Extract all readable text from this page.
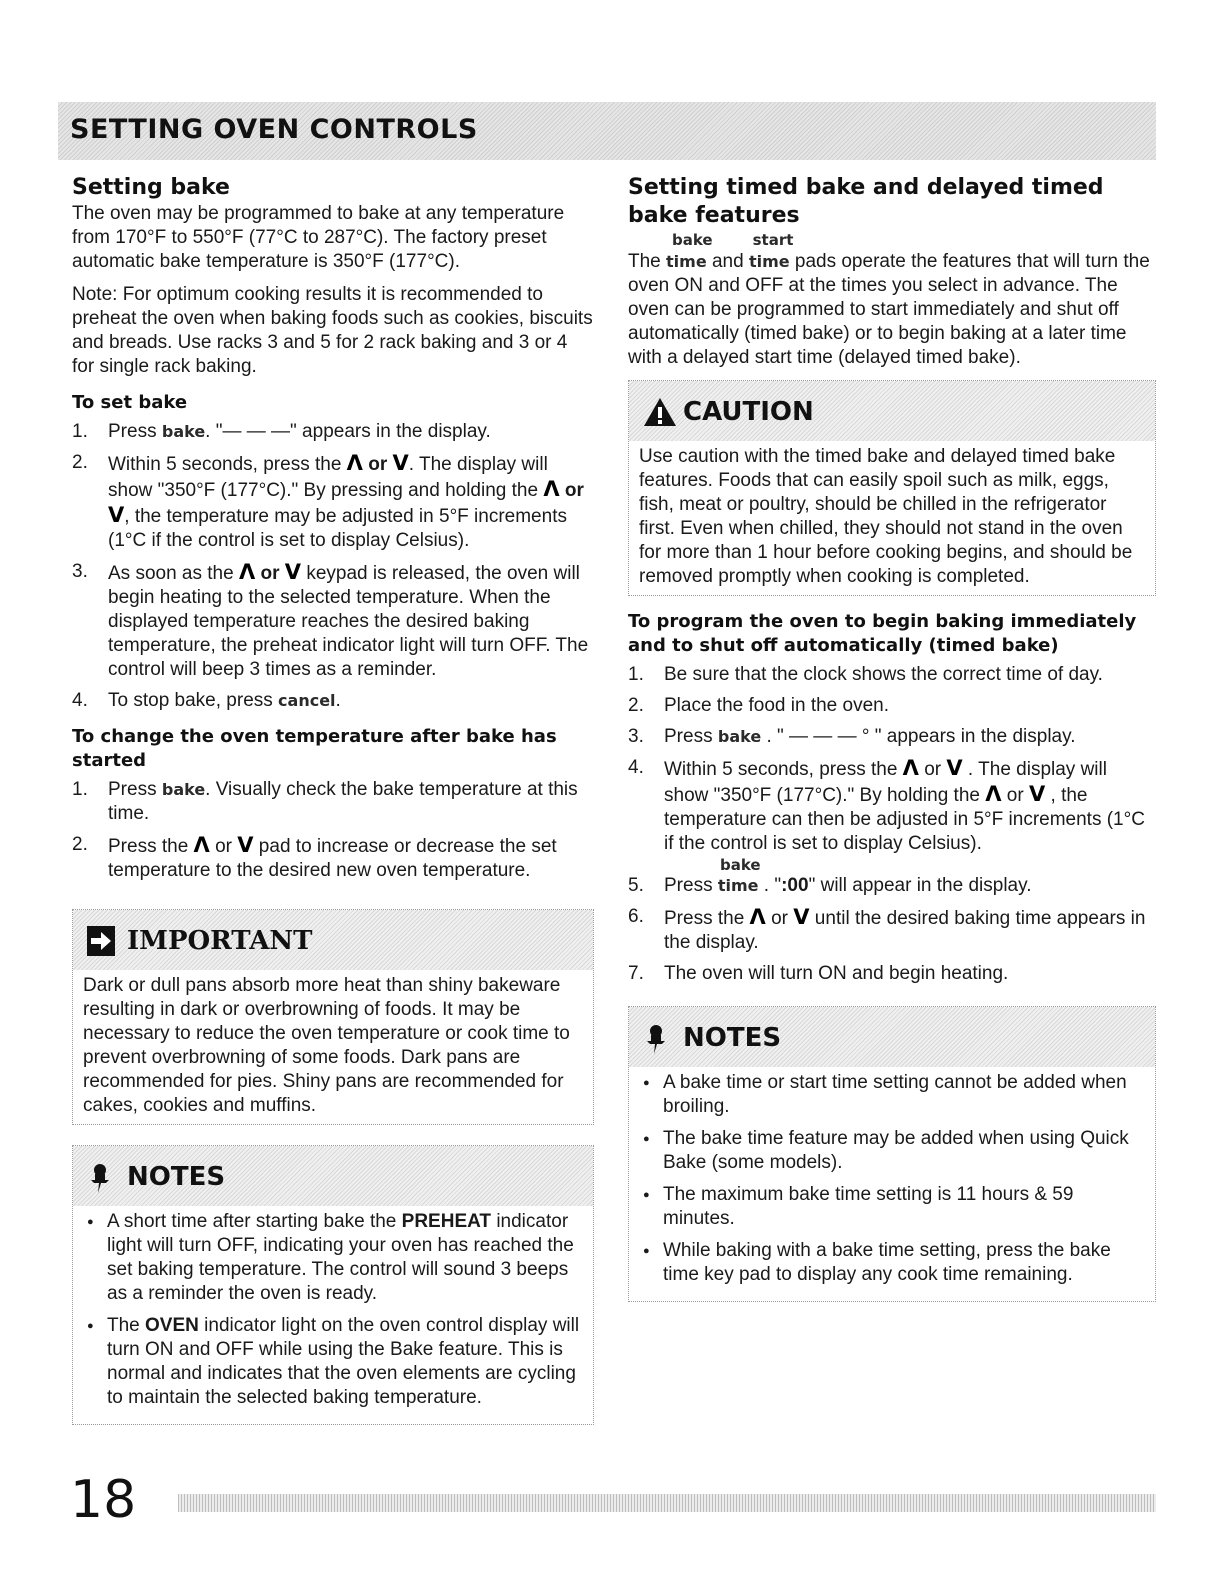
SETTING OVEN CONTROLS
Setting bake

The oven may be programmed to bake at any temperature from 170°F to 550°F (77°C to 287°C). The factory preset automatic bake temperature is 350°F (177°C).

Note: For optimum cooking results it is recommended to preheat the oven when baking foods such as cookies, biscuits and breads. Use racks 3 and 5 for 2 rack baking and 3 or 4 for single rack baking.

To set bake
1.	Press bake. "— — —" appears in the display.
2.	Within 5 seconds, press the Λ or V. The display will show "350°F (177°C)." By pressing and holding the Λ or V, the temperature may be adjusted in 5°F increments (1°C if the control is set to display Celsius).
3.	As soon as the Λ or V keypad is released, the oven will begin heating to the selected temperature. When the displayed temperature reaches the desired baking temperature, the preheat indicator light will turn OFF. The control will beep 3 times as a reminder.
4.	To stop bake, press cancel.
To change the oven temperature after bake has started
1.	Press bake. Visually check the bake temperature at this time.
2.	Press the Λ or V pad to increase or decrease the set temperature to the desired new oven temperature.
IMPORTANT

Dark or dull pans absorb more heat than shiny bakeware resulting in dark or overbrowning of foods. It may be necessary to reduce the oven temperature or cook time to prevent overbrowning of some foods. Dark pans are recommended for pies. Shiny pans are recommended for cakes, cookies and muffins.

NOTES
● A short time after starting bake the PREHEAT indicator light will turn OFF, indicating your oven has reached the set baking temperature. The control will sound 3 beeps as a reminder the oven is ready.
● The OVEN indicator light on the oven control display will turn ON and OFF while using the Bake feature. This is normal and indicates that the oven elements are cycling to maintain the selected baking temperature.
Setting timed bake and delayed timed bake features
bake	start

The time and time pads operate the features that will turn the oven ON and OFF at the times you select in advance. The oven can be programmed to start immediately and shut off automatically (timed bake) or to begin baking at a later time with a delayed start time (delayed timed bake).

CAUTION

Use caution with the timed bake and delayed timed bake features. Foods that can easily spoil such as milk, eggs, fish, meat or poultry, should be chilled in the refrigerator first. Even when chilled, they should not stand in the oven for more than 1 hour before cooking begins, and should be removed promptly when cooking is completed.

To program the oven to begin baking immediately and to shut off automatically (timed bake)
1.	Be sure that the clock shows the correct time of day.
2.	Place the food in the oven.
3.	Press bake . " — — — ° " appears in the display.
4.	Within 5 seconds, press the Λ or V . The display will show "350°F (177°C)." By holding the Λ or V , the temperature can then be adjusted in 5°F increments (1°C if the control is set to display Celsius).
bake
5.	Press time . ":00" will appear in the display.
6.	Press the Λ or V until the desired baking time appears in the display.
7.	The oven will turn ON and begin heating.
NOTES
● A bake time or start time setting cannot be added when broiling.
● The bake time feature may be added when using Quick Bake (some models).
● The maximum bake time setting is 11 hours & 59 minutes.
● While baking with a bake time setting, press the bake time key pad to display any cook time remaining.

18
